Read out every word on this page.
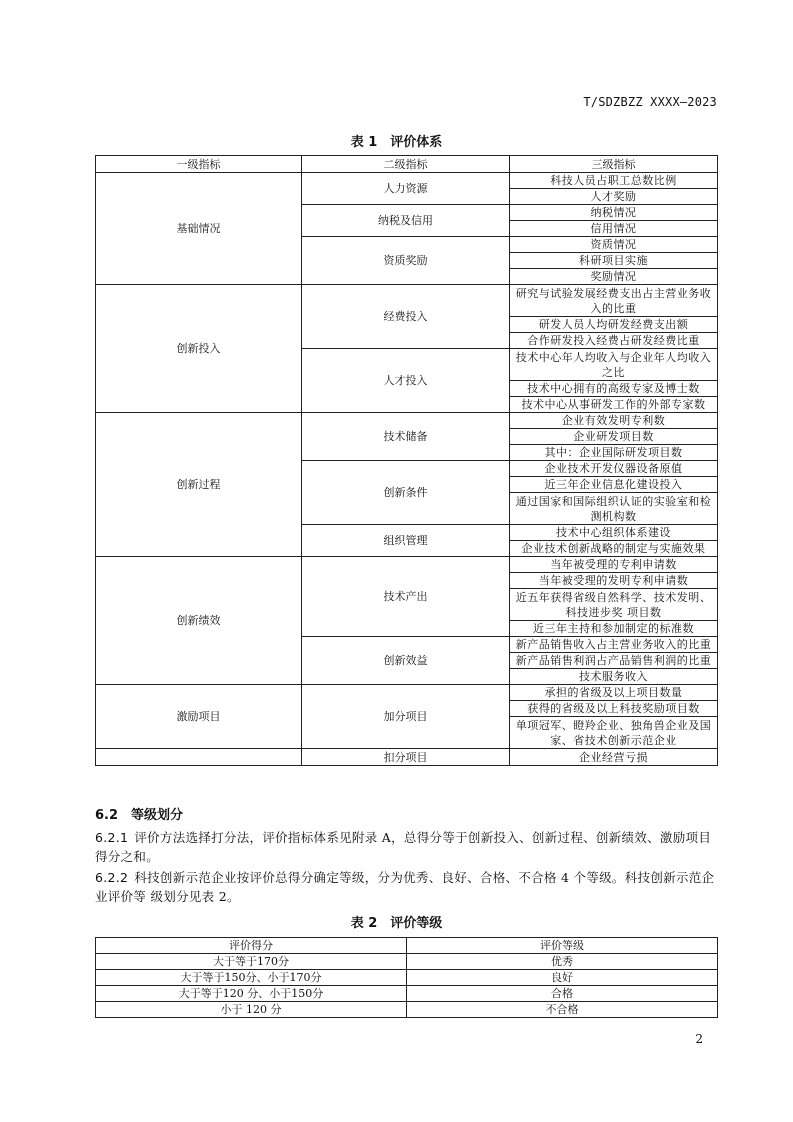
T/SDZBZZ XXXX—2023
表 1　评价体系
一级指标	二级指标	三级指标
基础情况	人力资源	科技人员占职工总数比例
		人才奖励
	纳税及信用	纳税情况
		信用情况
	资质奖励	资质情况
		科研项目实施
		奖励情况
创新投入	经费投入	研究与试验发展经费支出占主营业务收入的比重
		研发人员人均研发经费支出额
		合作研发投入经费占研发经费比重
	人才投入	技术中心年人均收入与企业年人均收入之比
		技术中心拥有的高级专家及博士数
		技术中心从事研发工作的外部专家数
创新过程	技术储备	企业有效发明专利数
		企业研发项目数
		其中：企业国际研发项目数
	创新条件	企业技术开发仪器设备原值
		近三年企业信息化建设投入
		通过国家和国际组织认证的实验室和检测机构数
	组织管理	技术中心组织体系建设
		企业技术创新战略的制定与实施效果
创新绩效	技术产出	当年被受理的专利申请数
		当年被受理的发明专利申请数
		近五年获得省级自然科学、技术发明、科技进步奖 项目数
		近三年主持和参加制定的标准数
	创新效益	新产品销售收入占主营业务收入的比重
		新产品销售利润占产品销售利润的比重
		技术服务收入
激励项目	加分项目	承担的省级及以上项目数量
		获得的省级及以上科技奖励项目数
		单项冠军、瞪羚企业、独角兽企业及国家、省技术创新示范企业
	扣分项目	企业经营亏损
6.2　等级划分
6.2.1 评价方法选择打分法，评价指标体系见附录 A，总得分等于创新投入、创新过程、创新绩效、激励项目得分之和。
6.2.2 科技创新示范企业按评价总得分确定等级，分为优秀、良好、合格、不合格 4 个等级。科技创新示范企业评价等 级划分见表 2。
表 2　评价等级
评价得分	评价等级
大于等于170分	优秀
大于等于150分、小于170分	良好
大于等于120 分、小于150分	合格
小于 120 分	不合格
2
